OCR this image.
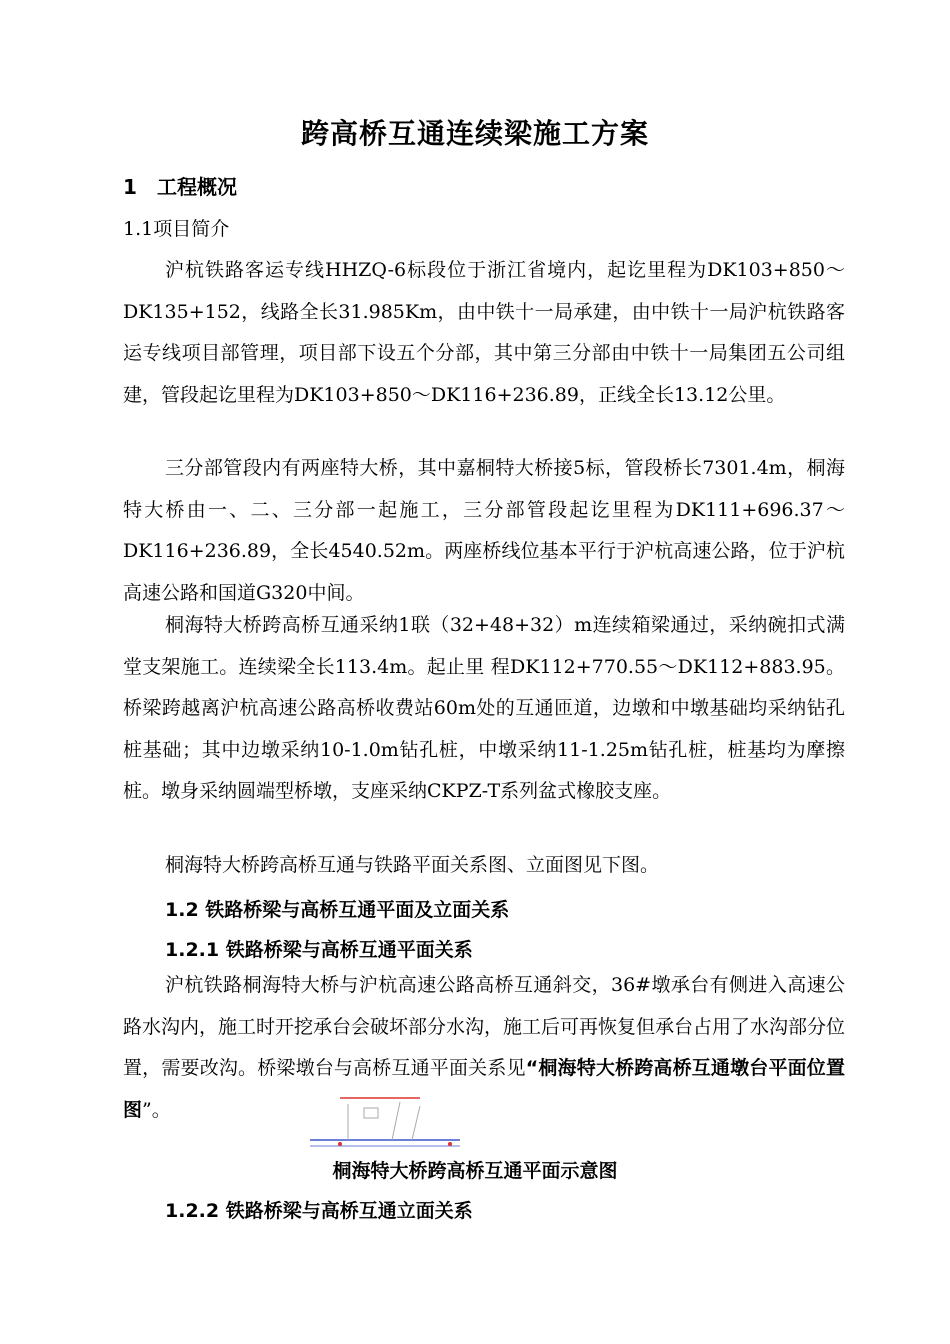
跨高桥互通连续梁施工方案
1 工程概况
1.1项目简介

沪杭铁路客运专线HHZQ-6标段位于浙江省境内，起讫里程为DK103+850～DK135+152，线路全长31.985Km，由中铁十一局承建，由中铁十一局沪杭铁路客运专线项目部管理，项目部下设五个分部，其中第三分部由中铁十一局集团五公司组建，管段起讫里程为DK103+850～DK116+236.89，正线全长13.12公里。

三分部管段内有两座特大桥，其中嘉桐特大桥接5标，管段桥长7301.4m，桐海特大桥由一、二、三分部一起施工，三分部管段起讫里程为DK111+696.37～DK116+236.89，全长4540.52m。两座桥线位基本平行于沪杭高速公路，位于沪杭高速公路和国道G320中间。

桐海特大桥跨高桥互通采纳1联（32+48+32）m连续箱梁通过，采纳碗扣式满堂支架施工。连续梁全长113.4m。起止里 程DK112+770.55～DK112+883.95。桥梁跨越离沪杭高速公路高桥收费站60m处的互通匝道，边墩和中墩基础均采纳钻孔桩基础；其中边墩采纳10-1.0m钻孔桩，中墩采纳11-1.25m钻孔桩，桩基均为摩擦桩。墩身采纳圆端型桥墩，支座采纳CKPZ-T系列盆式橡胶支座。

桐海特大桥跨高桥互通与铁路平面关系图、立面图见下图。

1.2 铁路桥梁与高桥互通平面及立面关系
1.2.1 铁路桥梁与高桥互通平面关系

沪杭铁路桐海特大桥与沪杭高速公路高桥互通斜交，36#墩承台有侧进入高速公路水沟内，施工时开挖承台会破坏部分水沟，施工后可再恢复但承台占用了水沟部分位置，需要改沟。桥梁墩台与高桥互通平面关系见“桐海特大桥跨高桥互通墩台平面位置图”。

桐海特大桥跨高桥互通平面示意图
1.2.2 铁路桥梁与高桥互通立面关系
